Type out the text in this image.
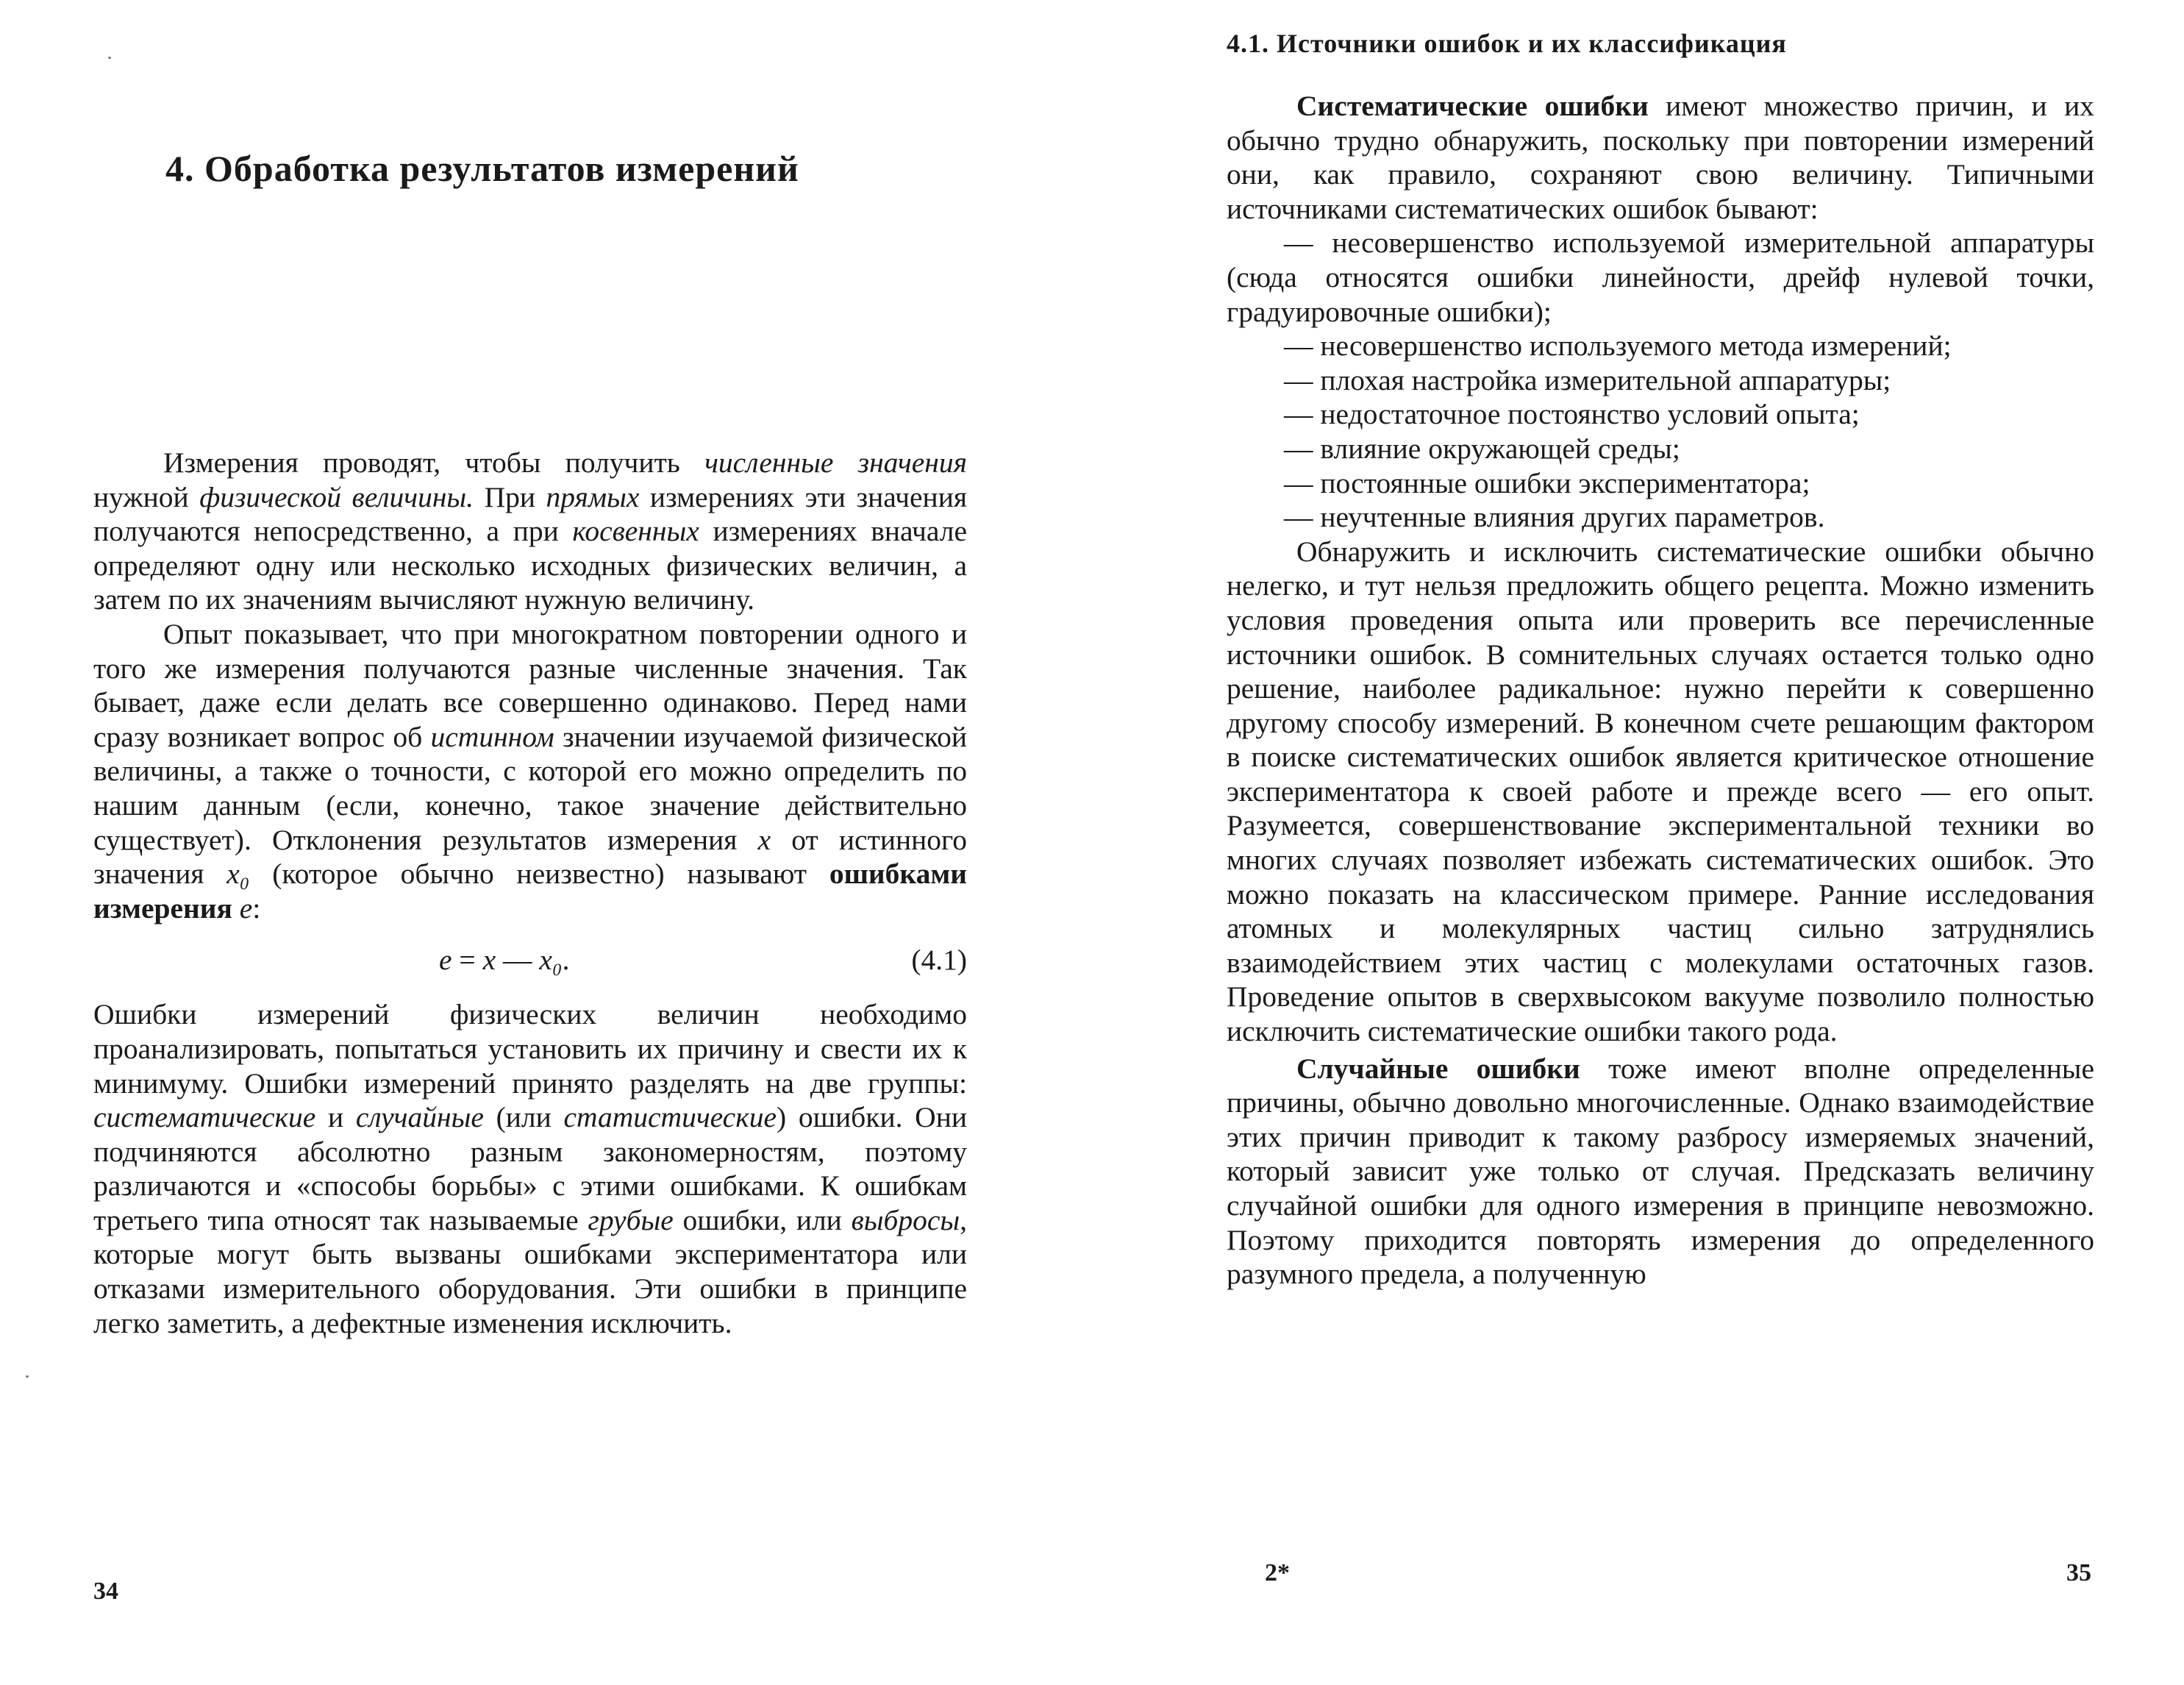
4. Обработка результатов измерений

Измерения проводят, чтобы получить численные значения нужной физической величины. При прямых измерениях эти значения получаются непосредственно, а при косвенных измерениях вначале определяют одну или несколько исходных физических величин, а затем по их значениям вычисляют нужную величину.

Опыт показывает, что при многократном повторении одного и того же измерения получаются разные численные значения. Так бывает, даже если делать все совершенно одинаково. Перед нами сразу возникает вопрос об истинном значении изучаемой физической величины, а также о точности, с которой его можно определить по нашим данным (если, конечно, такое значение действительно существует). Отклонения результатов измерения x от истинного значения x₀ (которое обычно неизвестно) называют ошибками измерения e:

e = x — x₀.	(4.1)

Ошибки измерений физических величин необходимо проанализировать, попытаться установить их причину и свести их к минимуму. Ошибки измерений принято разделять на две группы: систематические и случайные (или статистические) ошибки. Они подчиняются абсолютно разным закономерностям, поэтому различаются и «способы борьбы» с этими ошибками. К ошибкам третьего типа относят так называемые грубые ошибки, или выбросы, которые могут быть вызваны ошибками экспериментатора или отказами измерительного оборудования. Эти ошибки в принципе легко заметить, а дефектные изменения исключить.

34
4.1. Источники ошибок и их классификация

Систематические ошибки имеют множество причин, и их обычно трудно обнаружить, поскольку при повторении измерений они, как правило, сохраняют свою величину. Типичными источниками систематических ошибок бывают:

— несовершенство используемой измерительной аппаратуры (сюда относятся ошибки линейности, дрейф нулевой точки, градуировочные ошибки);

— несовершенство используемого метода измерений;

— плохая настройка измерительной аппаратуры;

— недостаточное постоянство условий опыта;

— влияние окружающей среды;

— постоянные ошибки экспериментатора;

— неучтенные влияния других параметров.

Обнаружить и исключить систематические ошибки обычно нелегко, и тут нельзя предложить общего рецепта. Можно изменить условия проведения опыта или проверить все перечисленные источники ошибок. В сомнительных случаях остается только одно решение, наиболее радикальное: нужно перейти к совершенно другому способу измерений. В конечном счете решающим фактором в поиске систематических ошибок является критическое отношение экспериментатора к своей работе и прежде всего — его опыт. Разумеется, совершенствование экспериментальной техники во многих случаях позволяет избежать систематических ошибок. Это можно показать на классическом примере. Ранние исследования атомных и молекулярных частиц сильно затруднялись взаимодействием этих частиц с молекулами остаточных газов. Проведение опытов в сверхвысоком вакууме позволило полностью исключить систематические ошибки такого рода.

Случайные ошибки тоже имеют вполне определенные причины, обычно довольно многочисленные. Однако взаимодействие этих причин приводит к такому разбросу измеряемых значений, который зависит уже только от случая. Предсказать величину случайной ошибки для одного измерения в принципе невозможно. Поэтому приходится повторять измерения до определенного разумного предела, а полученную

2*	35
